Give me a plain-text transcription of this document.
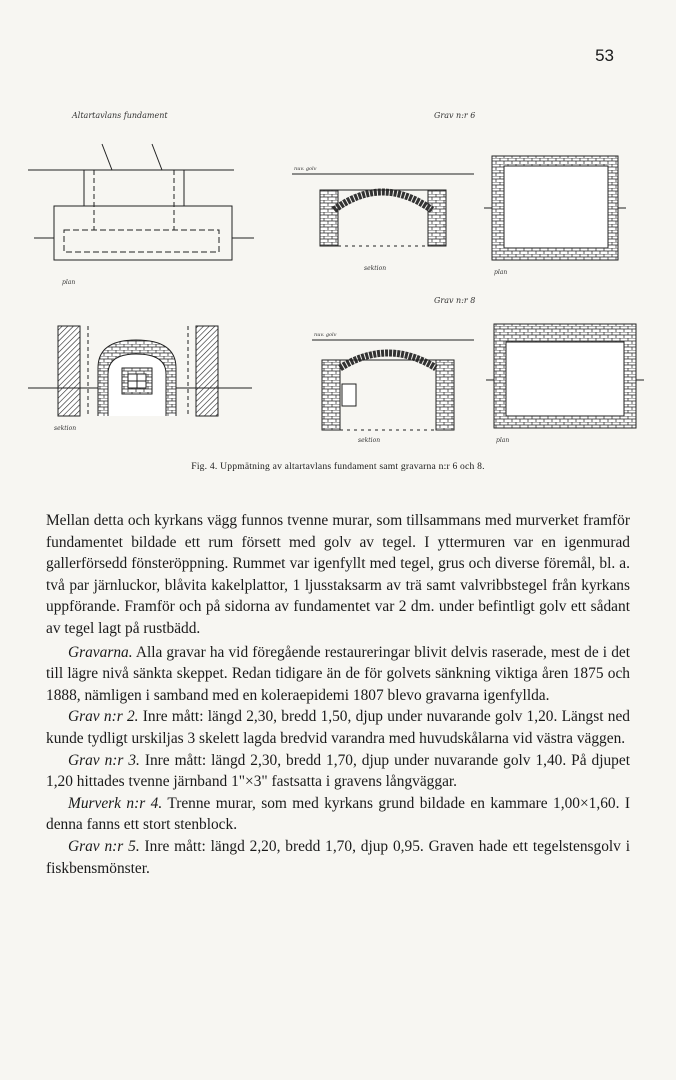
53
Altartavlans fundament	Grav n:r 6
Grav n:r 8
plan
sektion
nuv. golv
sektion
plan
nuv. golv
sektion	plan
Fig. 4. Uppmätning av altartavlans fundament samt gravarna n:r 6 och 8.

Mellan detta och kyrkans vägg funnos tvenne murar, som tillsammans med murverket framför fundamentet bildade ett rum försett med golv av tegel. I yttermuren var en igenmurad gallerförsedd fönsteröppning. Rummet var igenfyllt med tegel, grus och diverse föremål, bl. a. två par järnluckor, blåvita kakelplattor, 1 ljusstaksarm av trä samt valvribbstegel från kyrkans uppförande. Framför och på sidorna av fundamentet var 2 dm. under befintligt golv ett sådant av tegel lagt på rustbädd.

Gravarna. Alla gravar ha vid föregående restaureringar blivit delvis raserade, mest de i det till lägre nivå sänkta skeppet. Redan tidigare än de för golvets sänkning viktiga åren 1875 och 1888, nämligen i samband med en koleraepidemi 1807 blevo gravarna igenfyllda.

Grav n:r 2. Inre mått: längd 2,30, bredd 1,50, djup under nuvarande golv 1,20. Längst ned kunde tydligt urskiljas 3 skelett lagda bredvid varandra med huvudskålarna vid västra väggen.

Grav n:r 3. Inre mått: längd 2,30, bredd 1,70, djup under nuvarande golv 1,40. På djupet 1,20 hittades tvenne järnband 1"×3" fastsatta i gravens långväggar.

Murverk n:r 4. Trenne murar, som med kyrkans grund bildade en kammare 1,00×1,60. I denna fanns ett stort stenblock.

Grav n:r 5. Inre mått: längd 2,20, bredd 1,70, djup 0,95. Graven hade ett tegelstensgolv i fiskbensmönster.
